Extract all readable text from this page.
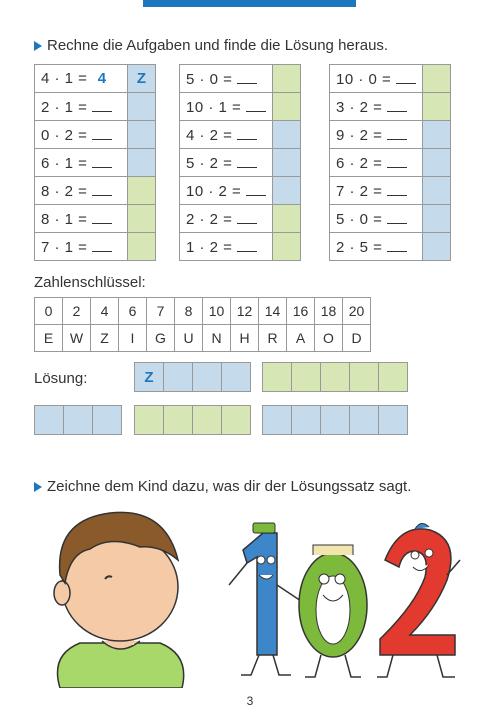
Rechne die Aufgaben und finde die Lösung heraus.
4 · 1 = 4	Z
2 · 1 =	
0 · 2 =	
6 · 1 =	
8 · 2 =	
8 · 1 =	
7 · 1 =	
5 · 0 =	
10 · 1 =	
4 · 2 =	
5 · 2 =	
10 · 2 =	
2 · 2 =	
1 · 2 =	
10 · 0 =	
3 · 2 =	
9 · 2 =	
6 · 2 =	
7 · 2 =	
5 · 0 =	
2 · 5 =	
Zahlenschlüssel:
0	2	4	6	7	8	10	12	14	16	18	20
E	W	Z	I	G	U	N	H	R	A	O	D
Lösung:	Z
Zeichne dem Kind dazu, was dir der Lösungssatz sagt.
3
